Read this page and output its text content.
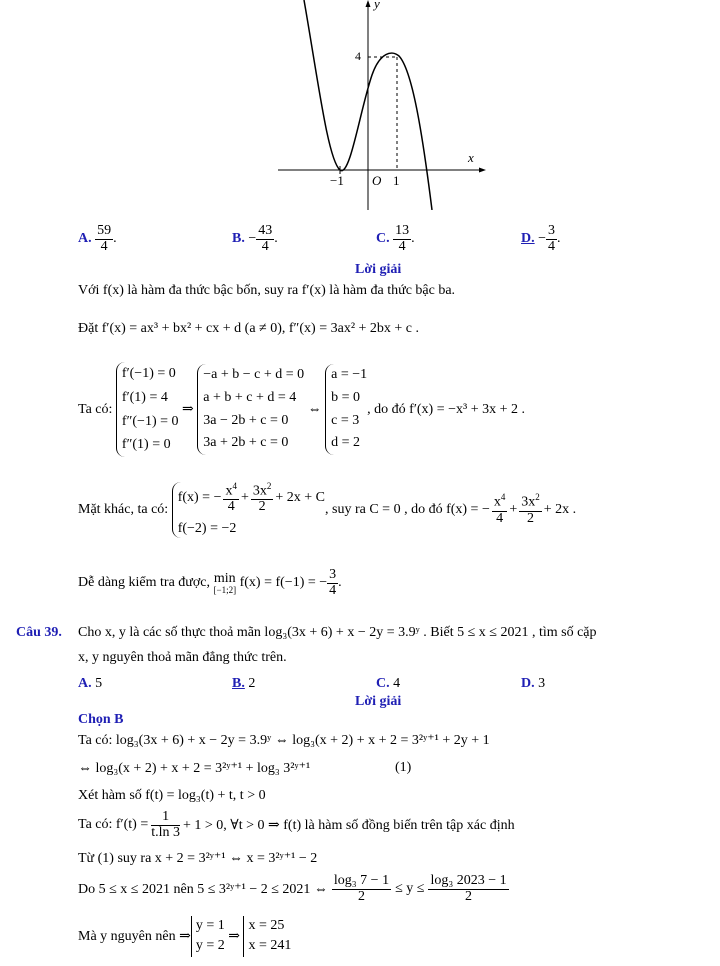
y
4
x
−1 O 1
A.
$\frac{59}{4}$ .	B.
− $\frac{43}{4}$ .	C.
$\frac{13}{4}$ .	D.
− $\frac{3}{4}$ .
Lời giải
Với f(x) là hàm đa thức bậc bốn, suy ra f′(x) là hàm đa thức bậc ba.
Đặt f′(x) = ax³ + bx² + cx + d (a ≠ 0), f″(x) = 3ax² + 2bx + c .
Ta có:

f′(−1) = 0
f′(1) = 4
f″(−1) = 0
f″(1) = 0
⇒
−a + b − c + d = 0
a + b + c + d = 4
3a − 2b + c = 0
3a + 2b + c = 0
⇔
a = −1
b = 0
c = 3
d = 2
, do đó f′(x) = −x³ + 3x + 2 .
Mặt khác, ta có:

f(x) = − $\frac{x^4}{4} + \frac{3x^2}{2} + 2x + C$
f(−2) = −2
, suy ra C = 0 , do đó f(x) = − $\frac{x^4}{4} + \frac{3x^2}{2} + 2x$ .
Dễ dàng kiểm tra được,
min
[−1;2]
f(x) = f(−1) = − $\frac{3}{4}$ .
Câu 39. Cho x, y là các số thực thoả mãn log₃(3x + 6) + x − 2y = 3.9ʸ . Biết 5 ≤ x ≤ 2021 , tìm số cặp
x, y nguyên thoả mãn đẳng thức trên.
A. 5	B. 2	C. 4	D. 3
Lời giải
Chọn B
Ta có: log₃(3x + 6) + x − 2y = 3.9ʸ ⇔ log₃(x + 2) + x + 2 = 3²ʸ⁺¹ + 2y + 1
⇔ log₃(x + 2) + x + 2 = 3²ʸ⁺¹ + log₃ 3²ʸ⁺¹	(1)
Xét hàm số f(t) = log₃(t) + t, t > 0
Ta có: $f'(t) = \frac{1}{t.\ln 3} + 1 > 0$, ∀t > 0 ⇒ f(t) là hàm số đồng biến trên tập xác định
Từ (1) suy ra x + 2 = 3²ʸ⁺¹ ⇔ x = 3²ʸ⁺¹ − 2
Do 5 ≤ x ≤ 2021 nên 5 ≤ 3²ʸ⁺¹ − 2 ≤ 2021 ⇔ $\frac{\text{log₃ 7 − 1}}{2} \le y \le \frac{\text{log₃ 2023 − 1}}{2}$
Mà y nguyên nên ⇒
y = 1
y = 2
⇒
x = 25
x = 241
